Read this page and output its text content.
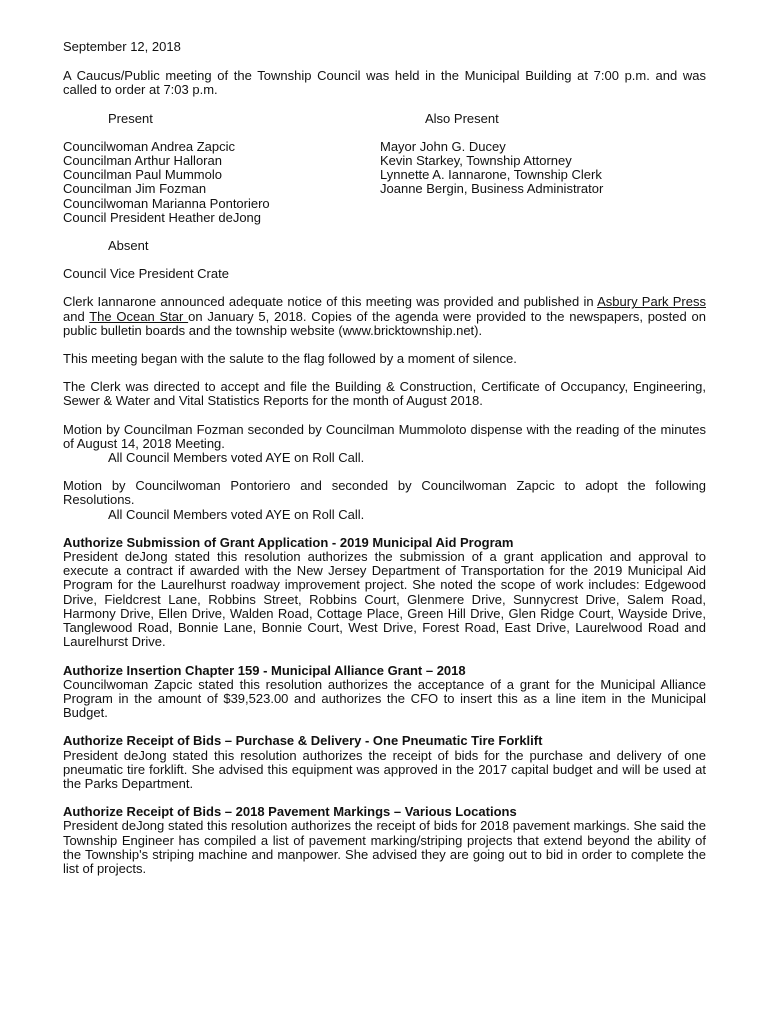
September 12, 2018

A Caucus/Public meeting of the Township Council was held in the Municipal Building at 7:00 p.m. and was called to order at 7:03 p.m.

Present	Also Present
Councilwoman Andrea Zapcic
Councilman Arthur Halloran
Councilman Paul Mummolo
Councilman Jim Fozman
Councilwoman Marianna Pontoriero
Council President Heather deJong
Mayor John G. Ducey
Kevin Starkey, Township Attorney
Lynnette A. Iannarone, Township Clerk
Joanne Bergin, Business Administrator

Absent

Council Vice President Crate

Clerk Iannarone announced adequate notice of this meeting was provided and published in Asbury Park Press and The Ocean Star on January 5, 2018. Copies of the agenda were provided to the newspapers, posted on public bulletin boards and the township website (www.bricktownship.net).

This meeting began with the salute to the flag followed by a moment of silence.

The Clerk was directed to accept and file the Building & Construction, Certificate of Occupancy, Engineering, Sewer & Water and Vital Statistics Reports for the month of August 2018.

Motion by Councilman Fozman seconded by Councilman Mummoloto dispense with the reading of the minutes of August 14, 2018 Meeting.

All Council Members voted AYE on Roll Call.

Motion by Councilwoman Pontoriero and seconded by Councilwoman Zapcic to adopt the following Resolutions.

All Council Members voted AYE on Roll Call.

Authorize Submission of Grant Application - 2019 Municipal Aid Program

President deJong stated this resolution authorizes the submission of a grant application and approval to execute a contract if awarded with the New Jersey Department of Transportation for the 2019 Municipal Aid Program for the Laurelhurst roadway improvement project. She noted the scope of work includes: Edgewood Drive, Fieldcrest Lane, Robbins Street, Robbins Court, Glenmere Drive, Sunnycrest Drive, Salem Road, Harmony Drive, Ellen Drive, Walden Road, Cottage Place, Green Hill Drive, Glen Ridge Court, Wayside Drive, Tanglewood Road, Bonnie Lane, Bonnie Court, West Drive, Forest Road, East Drive, Laurelwood Road and Laurelhurst Drive.

Authorize Insertion Chapter 159 - Municipal Alliance Grant – 2018

Councilwoman Zapcic stated this resolution authorizes the acceptance of a grant for the Municipal Alliance Program in the amount of $39,523.00 and authorizes the CFO to insert this as a line item in the Municipal Budget.

Authorize Receipt of Bids – Purchase & Delivery - One Pneumatic Tire Forklift

President deJong stated this resolution authorizes the receipt of bids for the purchase and delivery of one pneumatic tire forklift. She advised this equipment was approved in the 2017 capital budget and will be used at the Parks Department.

Authorize Receipt of Bids – 2018 Pavement Markings – Various Locations

President deJong stated this resolution authorizes the receipt of bids for 2018 pavement markings. She said the Township Engineer has compiled a list of pavement marking/striping projects that extend beyond the ability of the Township's striping machine and manpower. She advised they are going out to bid in order to complete the list of projects.
